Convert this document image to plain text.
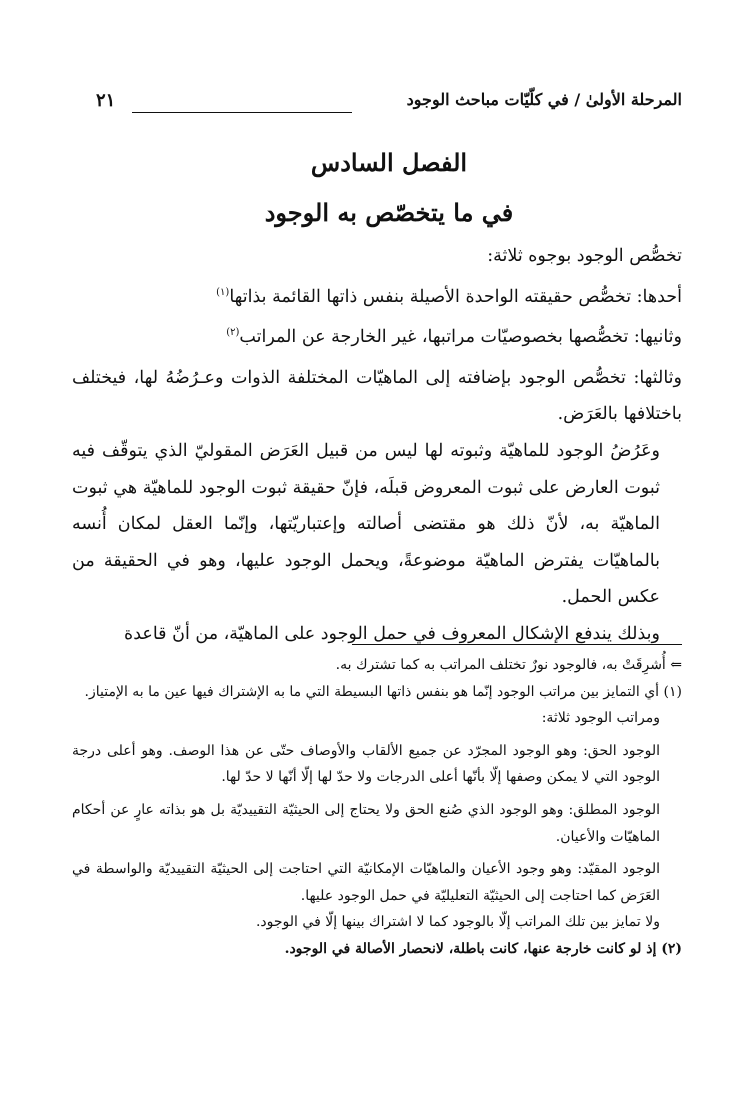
المرحلة الأولىٰ / في كلّيّات مباحث الوجود
٢١
الفصل السادس
في ما يتخصّص به الوجود

تخصُّص الوجود بوجوه ثلاثة:

أحدها: تخصُّص حقيقته الواحدة الأصيلة بنفس ذاتها القائمة بذاتها$^{(١)}$

وثانيها: تخصُّصها بخصوصيّات مراتبها، غير الخارجة عن المراتب$^{(٢)}$

وثالثها: تخصُّص الوجود بإضافته إلى الماهيّات المختلفة الذوات وعـرُضُهُ لها، فيختلف باختلافها بالعَرَض.

وعَرُضُ الوجود للماهيّة وثبوته لها ليس من قبيل العَرَض المقوليّ الذي يتوقّف فيه ثبوت العارض على ثبوت المعروض قبلَه، فإنّ حقيقة ثبوت الوجود للماهيّة هي ثبوت الماهيّة به، لأنّ ذلك هو مقتضى أصالته وإعتباريّتها، وإنّما العقل لمكان أُنسه بالماهيّات يفترض الماهيّة موضوعةً، ويحمل الوجود عليها، وهو في الحقيقة من عكس الحمل.

وبذلك يندفع الإشكال المعروف في حمل الوجود على الماهيّة، من أنّ قاعدة

⇐ أُشرِقَتْ به، فالوجود نورٌ تختلف المراتب به كما تشترك به.

(١) أي التمايز بين مراتب الوجود إنّما هو بنفس ذاتها البسيطة التي ما به الإشتراك فيها عين ما به الإمتياز.

ومراتب الوجود ثلاثة:

الوجود الحق: وهو الوجود المجرّد عن جميع الألقاب والأوصاف حتّى عن هذا الوصف. وهو أعلى درجة الوجود التي لا يمكن وصفها إلّا بأنّها أعلى الدرجات ولا حدّ لها إلّا أنّها لا حدّ لها.

الوجود المطلق: وهو الوجود الذي صُنع الحق ولا يحتاج إلى الحيثيّة التقييديّة بل هو بذاته عارٍ عن أحكام الماهيّات والأعيان.

الوجود المقيّد: وهو وجود الأعيان والماهيّات الإمكانيّة التي احتاجت إلى الحيثيّة التقييديّة والواسطة في العَرَض كما احتاجت إلى الحيثيّة التعليليّة في حمل الوجود عليها.

ولا تمايز بين تلك المراتب إلّا بالوجود كما لا اشتراك بينها إلّا في الوجود.

(٢) إذ لو كانت خارجة عنها، كانت باطلة، لانحصار الأصالة في الوجود.
